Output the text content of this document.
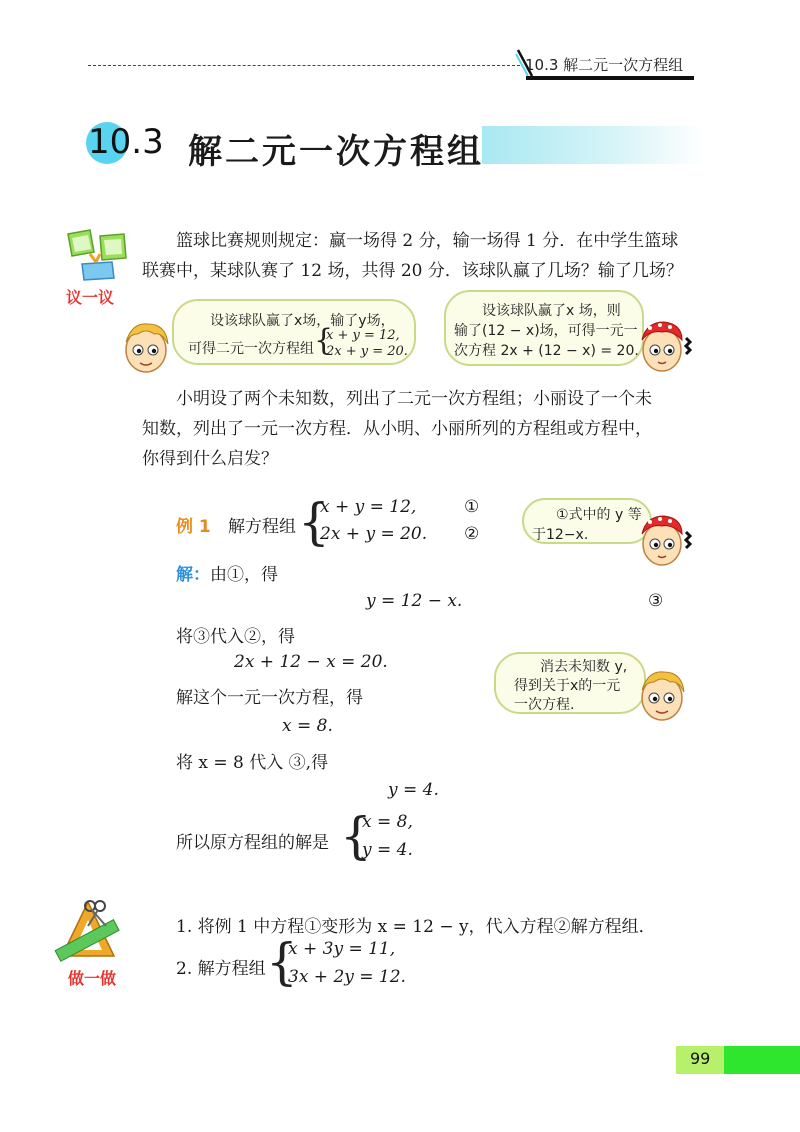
10.3 解二元一次方程组
10.3 解二元一次方程组
议一议
篮球比赛规则规定：赢一场得 2 分，输一场得 1 分．在中学生篮球
联赛中，某球队赛了 12 场，共得 20 分．该球队赢了几场？输了几场？
设该球队赢了x场，输了y场，
可得二元一次方程组 {
x + y = 12,
2x + y = 20.
设该球队赢了x 场，则
输了(12 − x)场，可得一元一
次方程 2x + (12 − x) = 20.
小明设了两个未知数，列出了二元一次方程组；小丽设了一个未
知数，列出了一元一次方程．从小明、小丽所列的方程组或方程中，
你得到什么启发？
例 1 解方程组 {
x + y = 12,
2x + y = 20.
①
②
①式中的 y 等
于12−x.
解： 由①，得
y = 12 − x.	③
将③代入②，得
2x + 12 − x = 20.
解这个一元一次方程，得
x = 8.
将 x = 8 代入 ③,得
y = 4.
所以原方程组的解是 {
x = 8,
y = 4.
消去未知数 y,
得到关于x的一元
一次方程.
做一做
1. 将例 1 中方程①变形为 x = 12 − y，代入方程②解方程组．
2. 解方程组 {
x + 3y = 11,
3x + 2y = 12.
99
